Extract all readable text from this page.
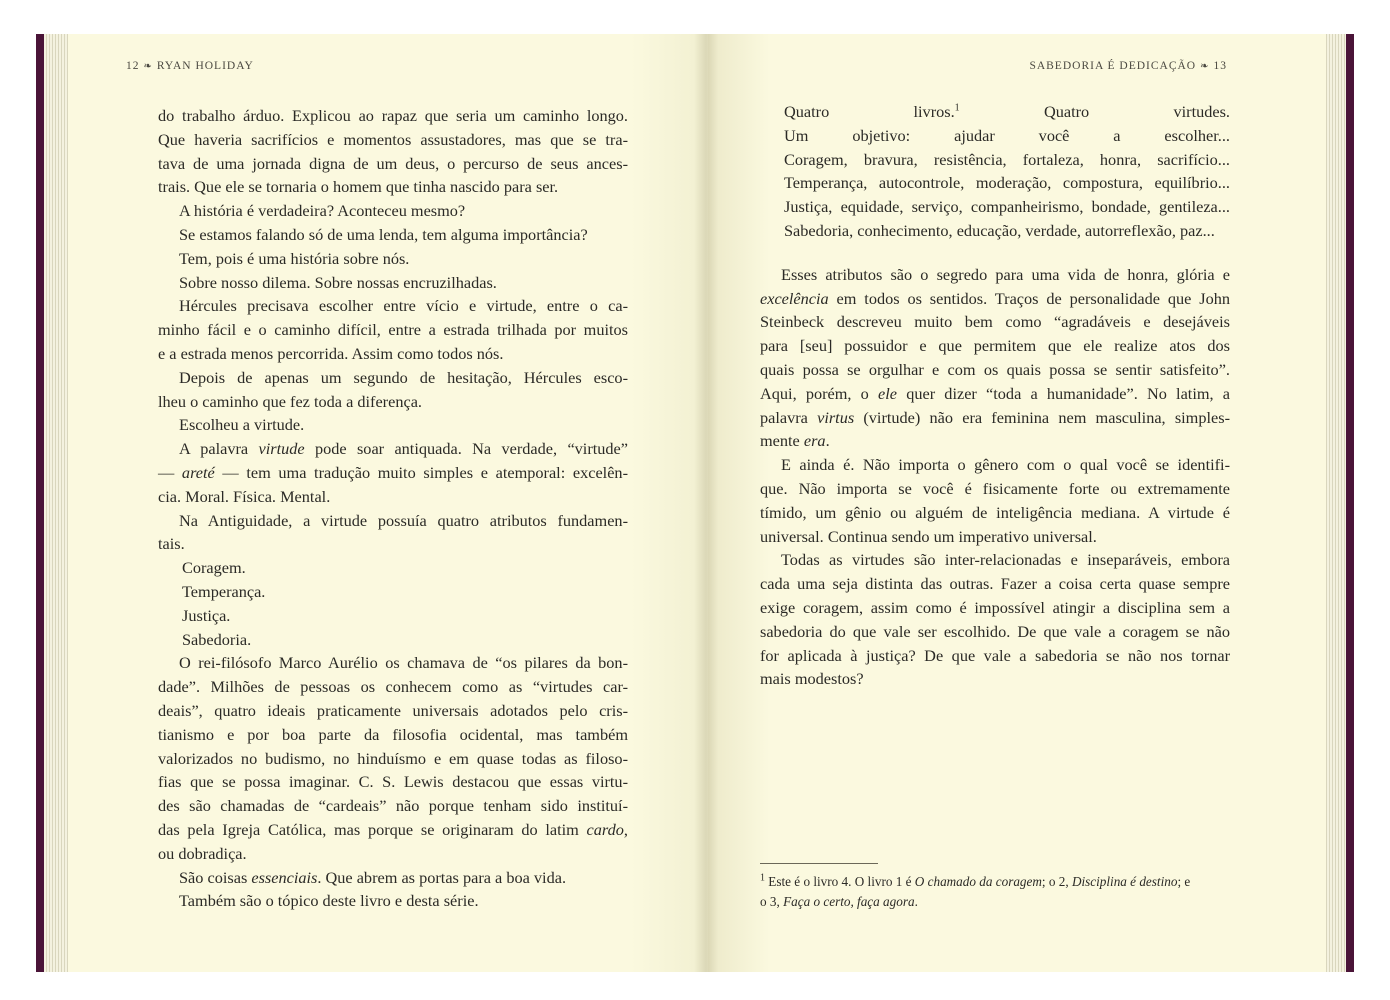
12 ❧ RYAN HOLIDAY	SABEDORIA É DEDICAÇÃO ❧ 13

do trabalho árduo. Explicou ao rapaz que seria um caminho longo.

Que haveria sacrifícios e momentos assustadores, mas que se tra-

tava de uma jornada digna de um deus, o percurso de seus ances-

trais. Que ele se tornaria o homem que tinha nascido para ser.

A história é verdadeira? Aconteceu mesmo?

Se estamos falando só de uma lenda, tem alguma importância?

Tem, pois é uma história sobre nós.

Sobre nosso dilema. Sobre nossas encruzilhadas.

Hércules precisava escolher entre vício e virtude, entre o ca-

minho fácil e o caminho difícil, entre a estrada trilhada por muitos

e a estrada menos percorrida. Assim como todos nós.

Depois de apenas um segundo de hesitação, Hércules esco-

lheu o caminho que fez toda a diferença.

Escolheu a virtude.

A palavra virtude pode soar antiquada. Na verdade, “virtude”

— areté — tem uma tradução muito simples e atemporal: excelên-

cia. Moral. Física. Mental.

Na Antiguidade, a virtude possuía quatro atributos fundamen-

tais.

Coragem.

Temperança.

Justiça.

Sabedoria.

O rei-filósofo Marco Aurélio os chamava de “os pilares da bon-

dade”. Milhões de pessoas os conhecem como as “virtudes car-

deais”, quatro ideais praticamente universais adotados pelo cris-

tianismo e por boa parte da filosofia ocidental, mas também

valorizados no budismo, no hinduísmo e em quase todas as filoso-

fias que se possa imaginar. C. S. Lewis destacou que essas virtu-

des são chamadas de “cardeais” não porque tenham sido instituí-

das pela Igreja Católica, mas porque se originaram do latim cardo,

ou dobradiça.

São coisas essenciais. Que abrem as portas para a boa vida.

Também são o tópico deste livro e desta série.

Quatro livros.$^1$ Quatro virtudes.

Um objetivo: ajudar você a escolher...

Coragem, bravura, resistência, fortaleza, honra, sacrifício...

Temperança, autocontrole, moderação, compostura, equilíbrio...

Justiça, equidade, serviço, companheirismo, bondade, gentileza...

Sabedoria, conhecimento, educação, verdade, autorreflexão, paz...

Esses atributos são o segredo para uma vida de honra, glória e

excelência em todos os sentidos. Traços de personalidade que John

Steinbeck descreveu muito bem como “agradáveis e desejáveis

para [seu] possuidor e que permitem que ele realize atos dos

quais possa se orgulhar e com os quais possa se sentir satisfeito”.

Aqui, porém, o ele quer dizer “toda a humanidade”. No latim, a

palavra virtus (virtude) não era feminina nem masculina, simples-

mente era.

E ainda é. Não importa o gênero com o qual você se identifi-

que. Não importa se você é fisicamente forte ou extremamente

tímido, um gênio ou alguém de inteligência mediana. A virtude é

universal. Continua sendo um imperativo universal.

Todas as virtudes são inter-relacionadas e inseparáveis, embora

cada uma seja distinta das outras. Fazer a coisa certa quase sempre

exige coragem, assim como é impossível atingir a disciplina sem a

sabedoria do que vale ser escolhido. De que vale a coragem se não

for aplicada à justiça? De que vale a sabedoria se não nos tornar

mais modestos?

$^1$ Este é o livro 4. O livro 1 é O chamado da coragem; o 2, Disciplina é destino; e

o 3, Faça o certo, faça agora.
